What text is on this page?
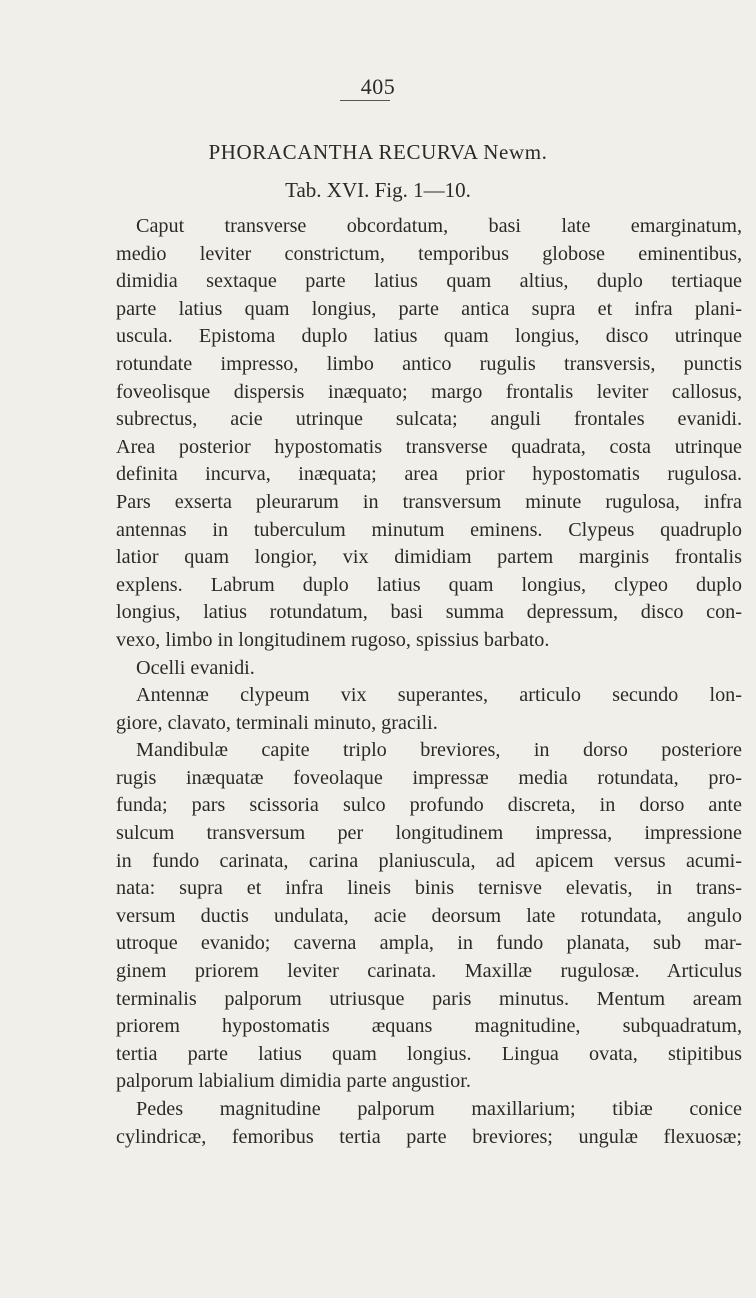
405
PHORACANTHA RECURVA Newm.
Tab. XVI. Fig. 1—10.
Caput transverse obcordatum, basi late emarginatum,
medio leviter constrictum, temporibus globose eminentibus,
dimidia sextaque parte latius quam altius, duplo tertiaque
parte latius quam longius, parte antica supra et infra plani-
uscula. Epistoma duplo latius quam longius, disco utrinque
rotundate impresso, limbo antico rugulis transversis, punctis
foveolisque dispersis inæquato; margo frontalis leviter callosus,
subrectus, acie utrinque sulcata; anguli frontales evanidi.
Area posterior hypostomatis transverse quadrata, costa utrinque
definita incurva, inæquata; area prior hypostomatis rugulosa.
Pars exserta pleurarum in transversum minute rugulosa, infra
antennas in tuberculum minutum eminens. Clypeus quadruplo
latior quam longior, vix dimidiam partem marginis frontalis
explens. Labrum duplo latius quam longius, clypeo duplo
longius, latius rotundatum, basi summa depressum, disco con-
vexo, limbo in longitudinem rugoso, spissius barbato.
Ocelli evanidi.
Antennæ clypeum vix superantes, articulo secundo lon-
giore, clavato, terminali minuto, gracili.
Mandibulæ capite triplo breviores, in dorso posteriore
rugis inæquatæ foveolaque impressæ media rotundata, pro-
funda; pars scissoria sulco profundo discreta, in dorso ante
sulcum transversum per longitudinem impressa, impressione
in fundo carinata, carina planiuscula, ad apicem versus acumi-
nata: supra et infra lineis binis ternisve elevatis, in trans-
versum ductis undulata, acie deorsum late rotundata, angulo
utroque evanido; caverna ampla, in fundo planata, sub mar-
ginem priorem leviter carinata. Maxillæ rugulosæ. Articulus
terminalis palporum utriusque paris minutus. Mentum aream
priorem hypostomatis æquans magnitudine, subquadratum,
tertia parte latius quam longius. Lingua ovata, stipitibus
palporum labialium dimidia parte angustior.
Pedes magnitudine palporum maxillarium; tibiæ conice
cylindricæ, femoribus tertia parte breviores; ungulæ flexuosæ;
